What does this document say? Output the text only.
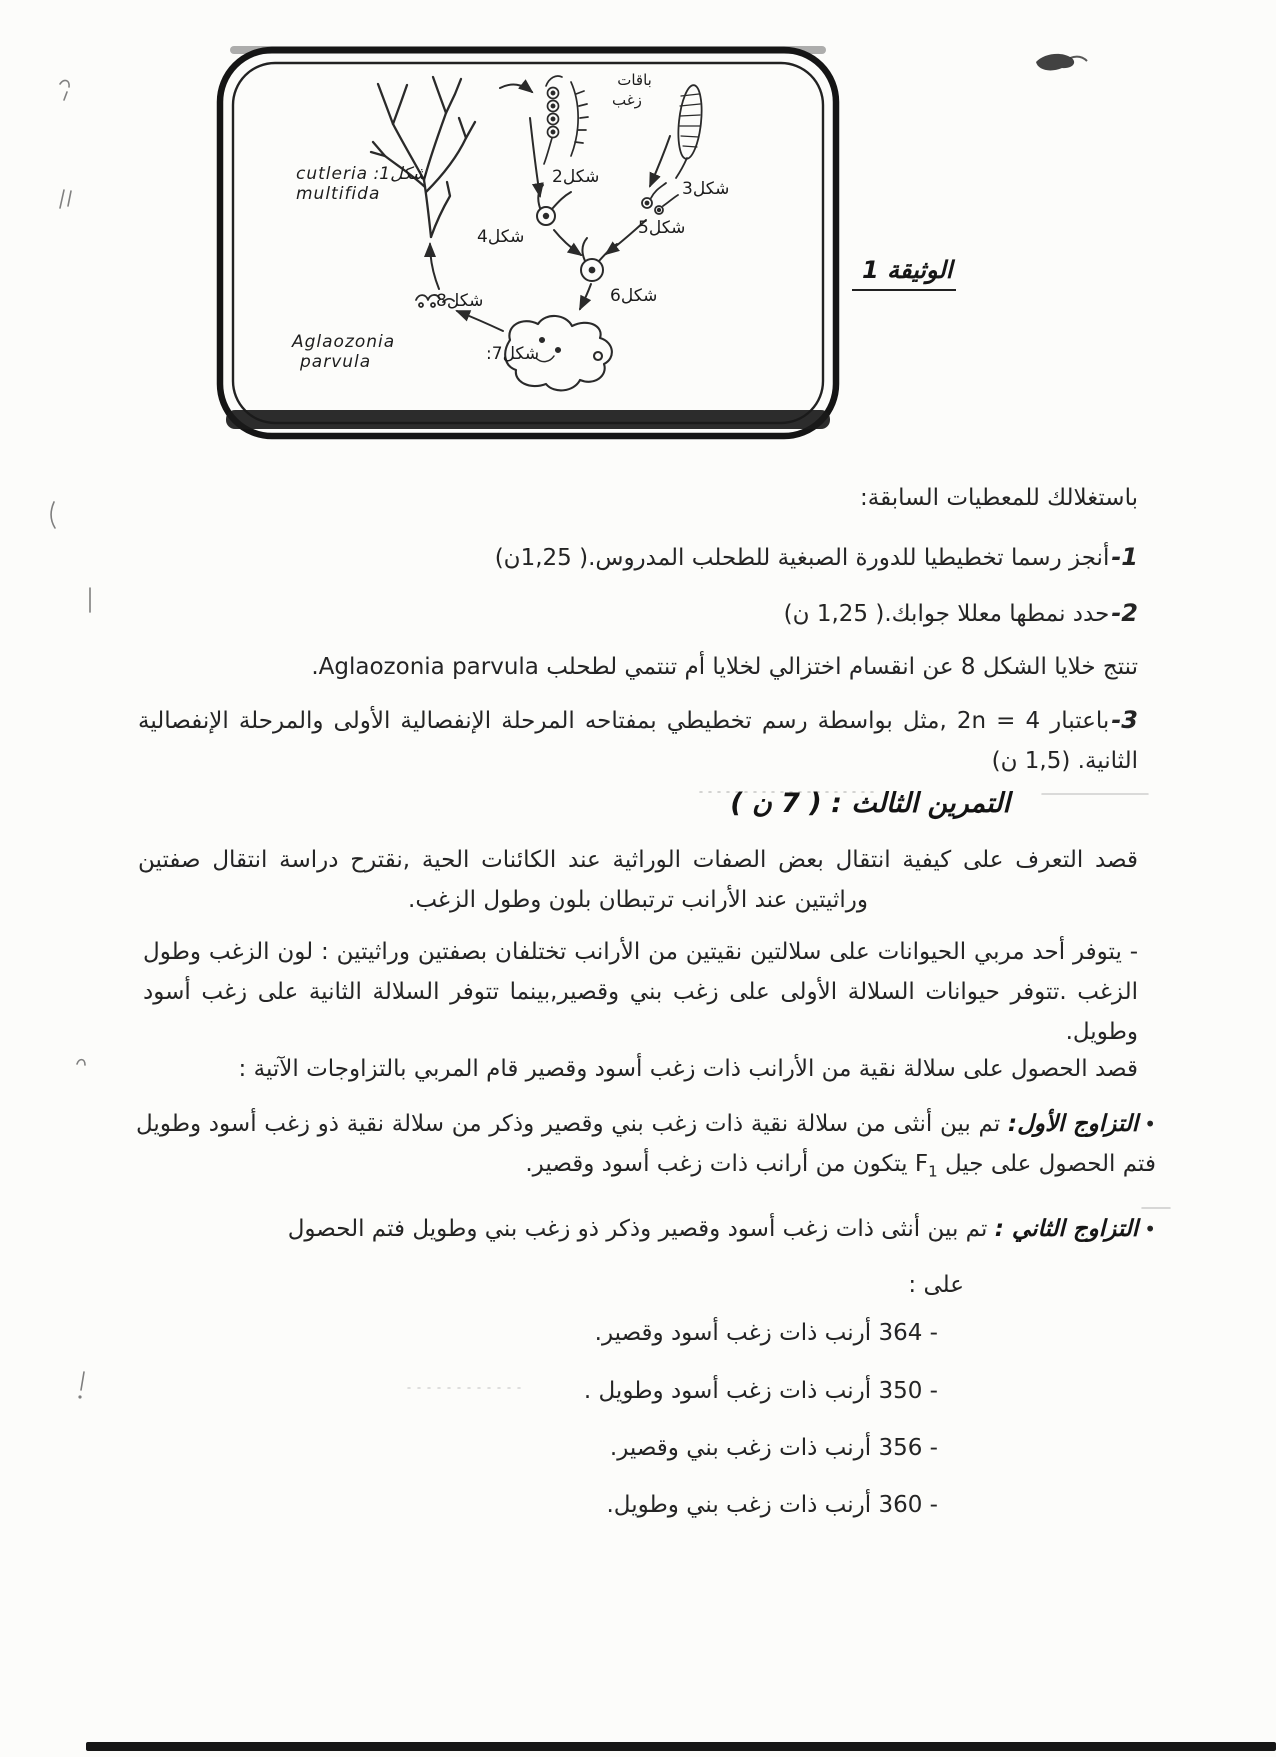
شكل1: cutleria
multifida
باقات
زغب
شكل2
شكل3
شكل4	شكل5
شكل6
شكل7:
شكل8
Aglaozonia
parvula
الوثيقة 1
باستغلالك للمعطيات السابقة:
1-أنجز رسما تخطيطيا للدورة الصبغية للطحلب المدروس.( 1,25ن)
2-حدد نمطها معللا جوابك.( 1,25 ن)
تنتج خلايا الشكل 8 عن انقسام اختزالي لخلايا أم تنتمي لطحلب Aglaozonia parvula.
3-باعتبار 2n = 4 ,مثل بواسطة رسم تخطيطي بمفتاحه المرحلة الإنفصالية الأولى والمرحلة الإنفصالية الثانية. (1,5 ن)
التمرين الثالث : ( 7 ن )
قصد التعرف على كيفية انتقال بعض الصفات الوراثية عند الكائنات الحية ,نقترح دراسة انتقال صفتين وراثيتين عند الأرانب ترتبطان بلون وطول الزغب.
- يتوفر أحد مربي الحيوانات على سلالتين نقيتين من الأرانب تختلفان بصفتين وراثيتين : لون الزغب وطول الزغب .تتوفر حيوانات السلالة الأولى على زغب بني وقصير,بينما تتوفر السلالة الثانية على زغب أسود وطويل.
قصد الحصول على سلالة نقية من الأرانب ذات زغب أسود وقصير قام المربي بالتزاوجات الآتية :
•التزاوج الأول: تم بين أنثى من سلالة نقية ذات زغب بني وقصير وذكر من سلالة نقية ذو زغب أسود وطويل فتم الحصول على جيل $F_1$ يتكون من أرانب ذات زغب أسود وقصير.
•التزاوج الثاني : تم بين أنثى ذات زغب أسود وقصير وذكر ذو زغب بني وطويل فتم الحصول
على :
- 364 أرنب ذات زغب أسود وقصير.
- 350 أرنب ذات زغب أسود وطويل .
- 356 أرنب ذات زغب بني وقصير.
- 360 أرنب ذات زغب بني وطويل.
